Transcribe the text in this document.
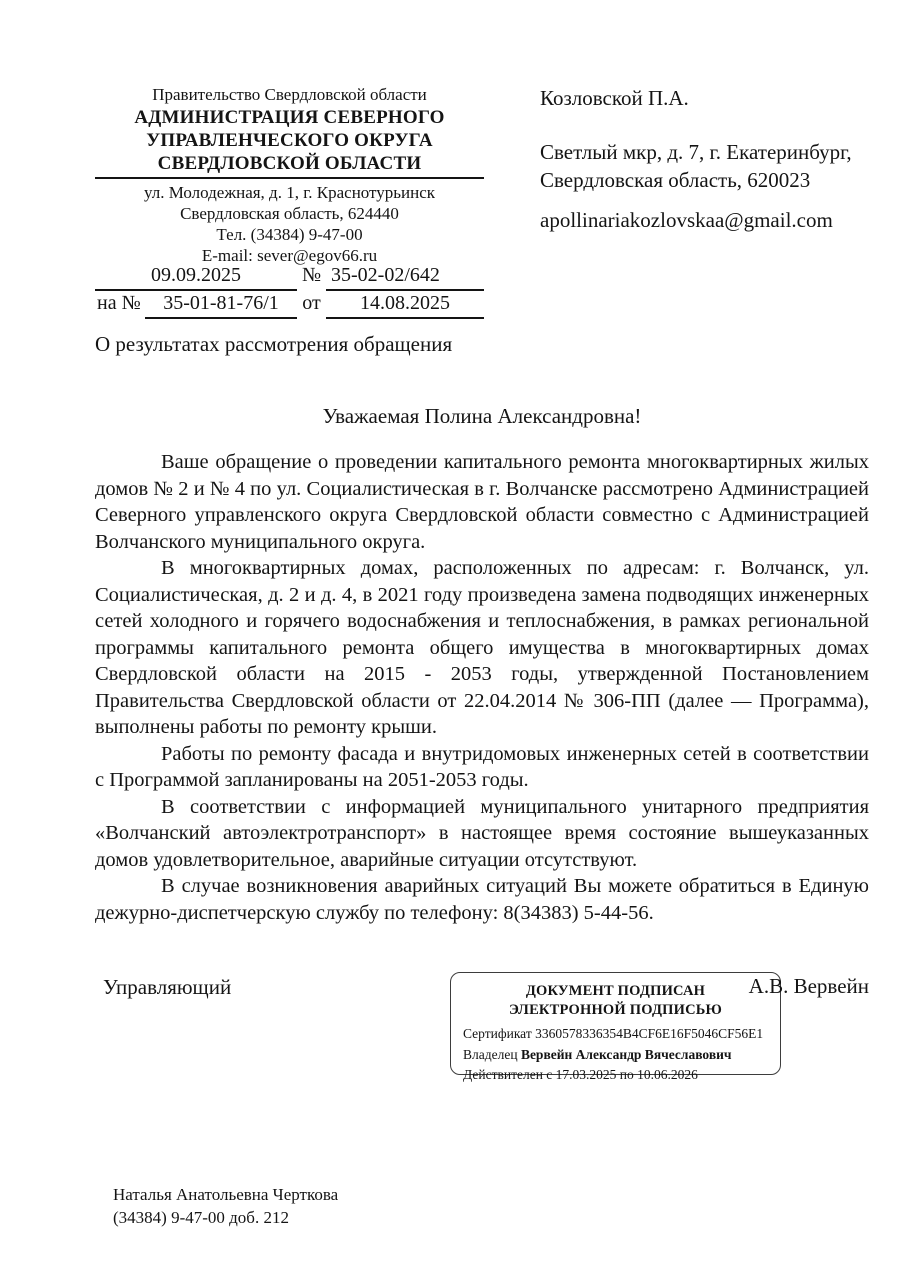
Правительство Свердловской области
АДМИНИСТРАЦИЯ СЕВЕРНОГО
УПРАВЛЕНЧЕСКОГО ОКРУГА
СВЕРДЛОВСКОЙ ОБЛАСТИ
ул. Молодежная, д. 1, г. Краснотурьинск
Свердловская область, 624440
Тел. (34384) 9-47-00
E-mail: sever@egov66.ru
Козловской П.А.
Светлый мкр, д. 7, г. Екатеринбург,
Свердловская область, 620023
apollinariakozlovskaa@gmail.com
09.09.2025	№ 35-02-02/642
на №	35-01-81-76/1	от	14.08.2025
О результатах рассмотрения обращения
Уважаемая Полина Александровна!

Ваше обращение о проведении капитального ремонта многоквартирных жилых домов № 2 и № 4 по ул. Социалистическая в г. Волчанске рассмотрено Администрацией Северного управленского округа Свердловской области совместно с Администрацией Волчанского муниципального округа.

В многоквартирных домах, расположенных по адресам: г. Волчанск, ул. Социалистическая, д. 2 и д. 4, в 2021 году произведена замена подводящих инженерных сетей холодного и горячего водоснабжения и теплоснабжения, в рамках региональной программы капитального ремонта общего имущества в многоквартирных домах Свердловской области на 2015 - 2053 годы, утвержденной Постановлением Правительства Свердловской области от 22.04.2014 № 306-ПП (далее — Программа), выполнены работы по ремонту крыши.

Работы по ремонту фасада и внутридомовых инженерных сетей в соответствии с Программой запланированы на 2051-2053 годы.

В соответствии с информацией муниципального унитарного предприятия «Волчанский автоэлектротранспорт» в настоящее время состояние вышеуказанных домов удовлетворительное, аварийные ситуации отсутствуют.

В случае возникновения аварийных ситуаций Вы можете обратиться в Единую дежурно-диспетчерскую службу по телефону: 8(34383) 5-44-56.

Управляющий	ДОКУМЕНТ ПОДПИСАН
ЭЛЕКТРОННОЙ ПОДПИСЬЮ
Сертификат 3360578336354B4CF6E16F5046CF56E1
Владелец Вервейн Александр Вячеславович
Действителен с 17.03.2025 по 10.06.2026
А.В. Вервейн
Наталья Анатольевна Черткова
(34384) 9-47-00 доб. 212
